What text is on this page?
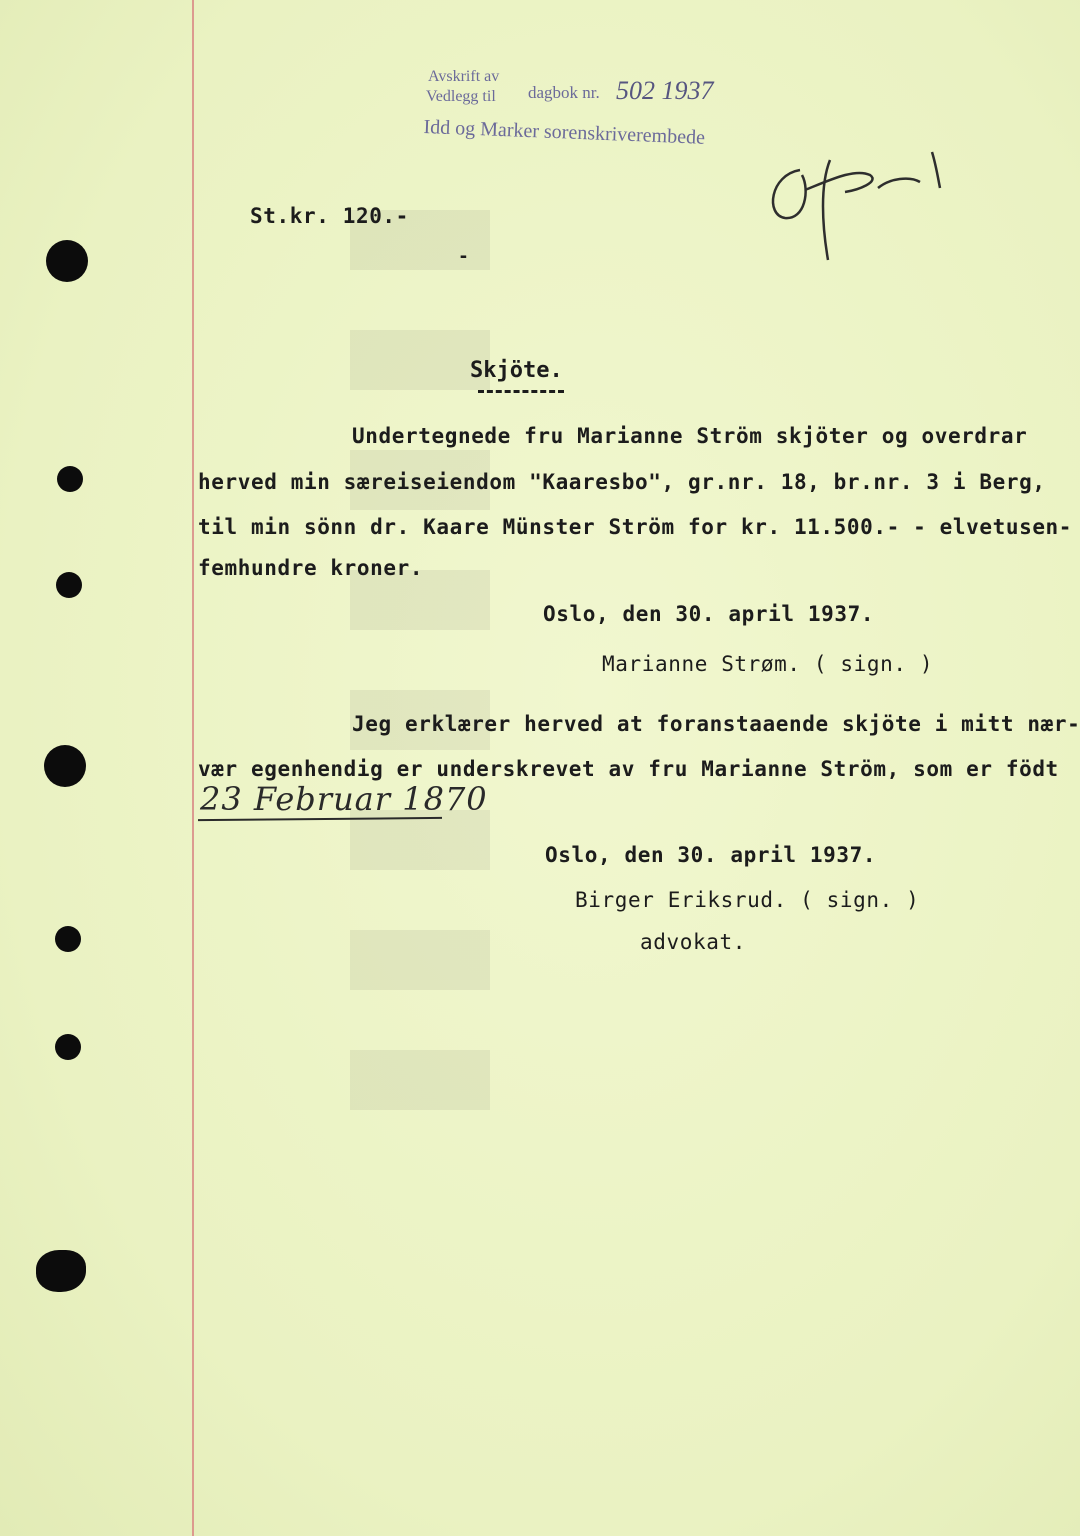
Avskrift av
Vedlegg til dagbok nr. 502 1937
Idd og Marker sorenskriverembede
St.kr. 120.-
-
Skjöte.
Undertegnede fru Marianne Ström skjöter og overdrar
herved min særeiseiendom "Kaaresbo", gr.nr. 18, br.nr. 3 i Berg,
til min sönn dr. Kaare Münster Ström for kr. 11.500.- - elvetusen-
femhundre kroner.
Oslo, den 30. april 1937.
Marianne Strøm. ( sign. )
Jeg erklærer herved at foranstaaende skjöte i mitt nær-
vær egenhendig er underskrevet av fru Marianne Ström, som er födt
23 Februar 1870
Oslo, den 30. april 1937.
Birger Eriksrud. ( sign. )
advokat.
